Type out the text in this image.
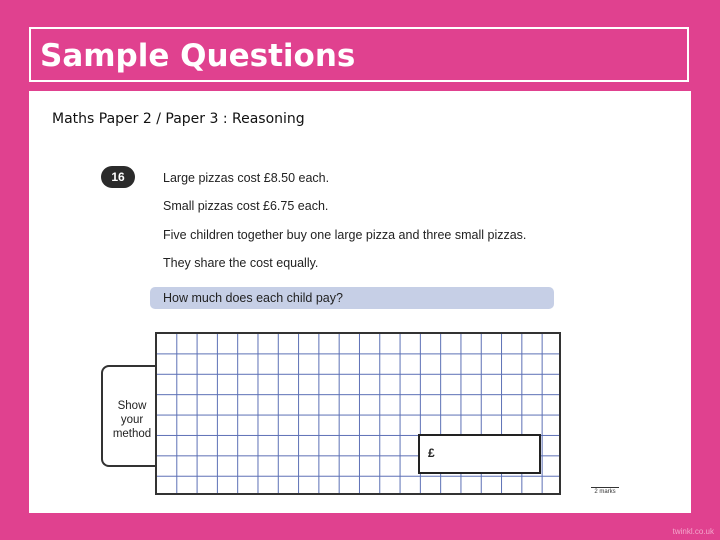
Sample Questions
Maths Paper 2 / Paper 3 : Reasoning
16	Large pizzas cost £8.50 each.
Small pizzas cost £6.75 each.
Five children together buy one large pizza and three small pizzas.
They share the cost equally.
How much does each child pay?
Show
your
method
£
2 marks
twinkl.co.uk
